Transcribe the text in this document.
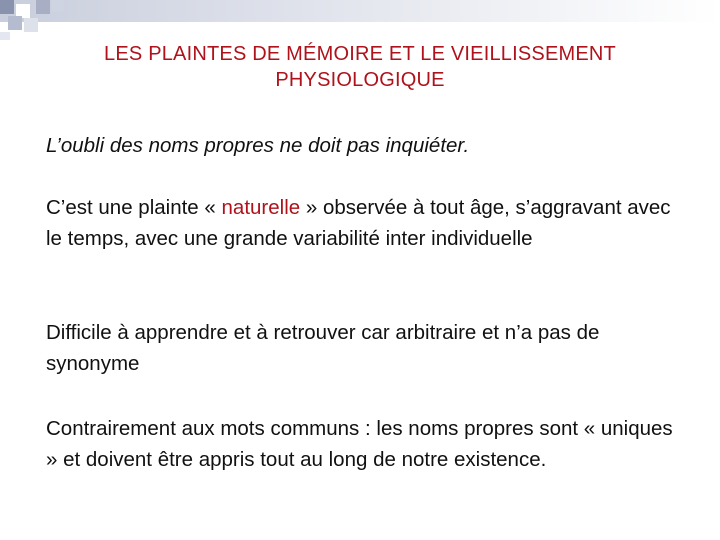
LES PLAINTES DE MÉMOIRE ET LE VIEILLISSEMENT
PHYSIOLOGIQUE

L’oubli des noms propres ne doit pas inquiéter.

C’est une plainte « naturelle » observée à tout âge, s’aggravant avec le temps, avec une grande variabilité inter individuelle

Difficile à apprendre et à retrouver car arbitraire et n’a pas de synonyme

Contrairement aux mots communs : les noms propres sont « uniques » et doivent être appris tout au long de notre existence.
